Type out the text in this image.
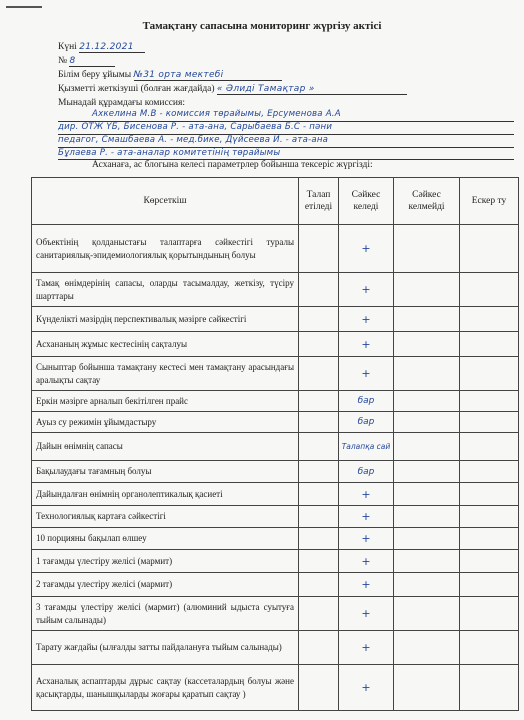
Тамақтану сапасына мониторинг жүргізу актісі
Күні 21.12.2021
№ 8
Білім беру ұйымы №31 орта мектебі
Қызметті жеткізуші (болған жағдайда) « Әлиді Тамақтар »
Мынадай құрамдағы комиссия:
Ахкелина М.В - комиссия төрайымы, Ерсуменова А.А
дир. ОТЖ ҮБ, Бисенова Р. - ата-ана, Сарыбаева Б.С - пәни
педагог, Смашбаева А. - мед.бике, Дүйсеева И. - ата-ана
Бұлаева Р. - ата-аналар комитетінің төрайымы
Асханаға, ас блогына келесі параметрлер бойынша тексеріс жүргізді:
Көрсеткіш	Талап етіледі	Сәйкес келеді	Сәйкес келмейді	Ескер ту
Объектінің қолданыстағы талаптарға сәйкестігі туралы санитариялық-эпидемиологиялық қорытындының болуы		+		
Тамақ өнімдерінің сапасы, оларды тасымалдау, жеткізу, түсіру шарттары		+		
Күнделікті мәзірдің перспективалық мәзірге сәйкестігі		+		
Асхананың жұмыс кестесінің сақталуы		+		
Сыныптар бойынша тамақтану кестесі мен тамақтану арасындағы аралықты сақтау		+		
Еркін мәзірге арналып бекітілген прайс		бар		
Ауыз су режимін ұйымдастыру		бар		
Дайын өнімнің сапасы		Талапқа сай		
Бақылаудағы тағамның болуы		бар		
Дайындалған өнімнің органолептикалық қасиеті		+		
Технологиялық картаға сәйкестігі		+		
10 порцияны бақылап өлшеу		+		
1 тағамды үлестіру желісі (мармит)		+		
2 тағамды үлестіру желісі (мармит)		+		
3 тағамды үлестіру желісі (мармит) (алюминий ыдыста суытуға тыйым салынады)		+		
Тарату жағдайы (ылғалды затты пайдалануға тыйым салынады)		+		
Асханалық аспаптарды дұрыс сақтау (кассеталардың болуы және қасықтарды, шанышқыларды жоғары қаратып сақтау )		+		
